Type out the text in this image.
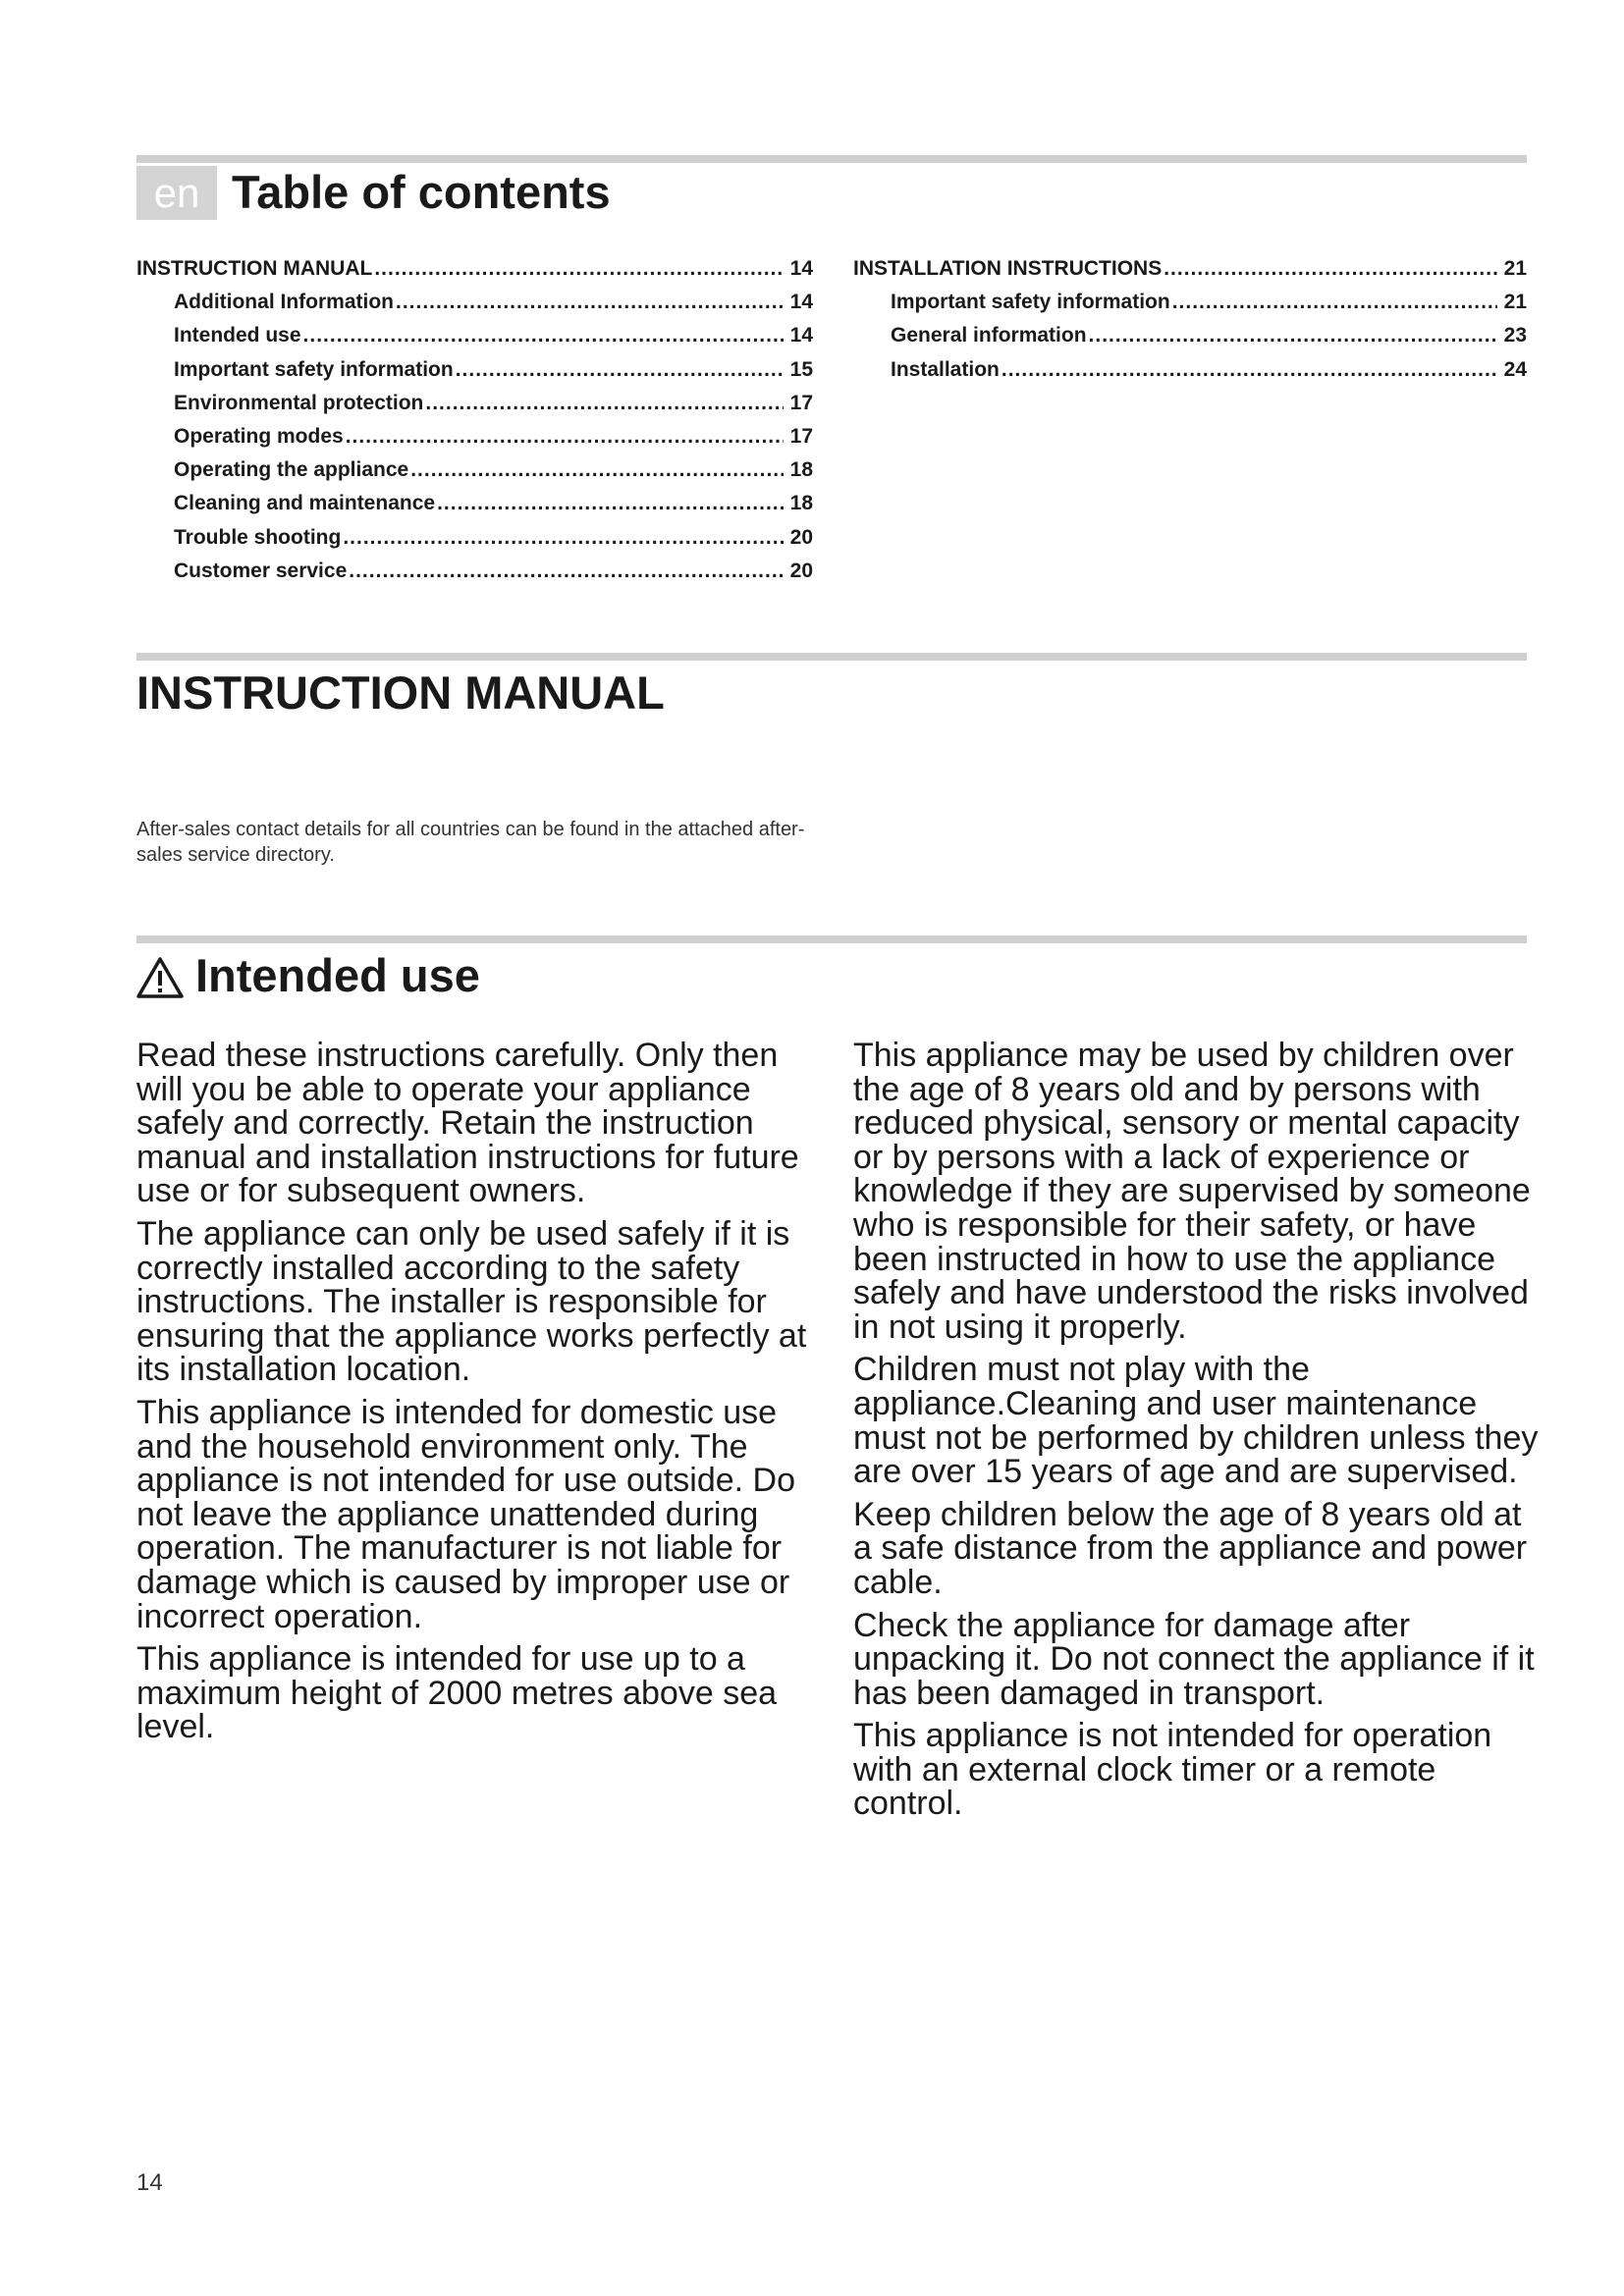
en Table of contents
INSTRUCTION MANUAL .....	14
Additional Information .....	14
Intended use .....	14
Important safety information .....	15
Environmental protection .....	17
Operating modes .....	17
Operating the appliance .....	18
Cleaning and maintenance .....	18
Trouble shooting .....	20
Customer service .....	20
INSTALLATION INSTRUCTIONS .....	21
Important safety information .....	21
General information .....	23
Installation .....	24
INSTRUCTION MANUAL

After-sales contact details for all countries can be found in the attached after-sales service directory.

Intended use

Read these instructions carefully. Only then will you be able to operate your appliance safely and correctly. Retain the instruction manual and installation instructions for future use or for subsequent owners.

The appliance can only be used safely if it is correctly installed according to the safety instructions. The installer is responsible for ensuring that the appliance works perfectly at its installation location.

This appliance is intended for domestic use and the household environment only. The appliance is not intended for use outside. Do not leave the appliance unattended during operation. The manufacturer is not liable for damage which is caused by improper use or incorrect operation.

This appliance is intended for use up to a maximum height of 2000 metres above sea level.

This appliance may be used by children over the age of 8 years old and by persons with reduced physical, sensory or mental capacity or by persons with a lack of experience or knowledge if they are supervised by someone who is responsible for their safety, or have been instructed in how to use the appliance safely and have understood the risks involved in not using it properly.

Children must not play with the appliance.Cleaning and user maintenance must not be performed by children unless they are over 15 years of age and are supervised.

Keep children below the age of 8 years old at a safe distance from the appliance and power cable.

Check the appliance for damage after unpacking it. Do not connect the appliance if it has been damaged in transport.

This appliance is not intended for operation with an external clock timer or a remote control.

14
